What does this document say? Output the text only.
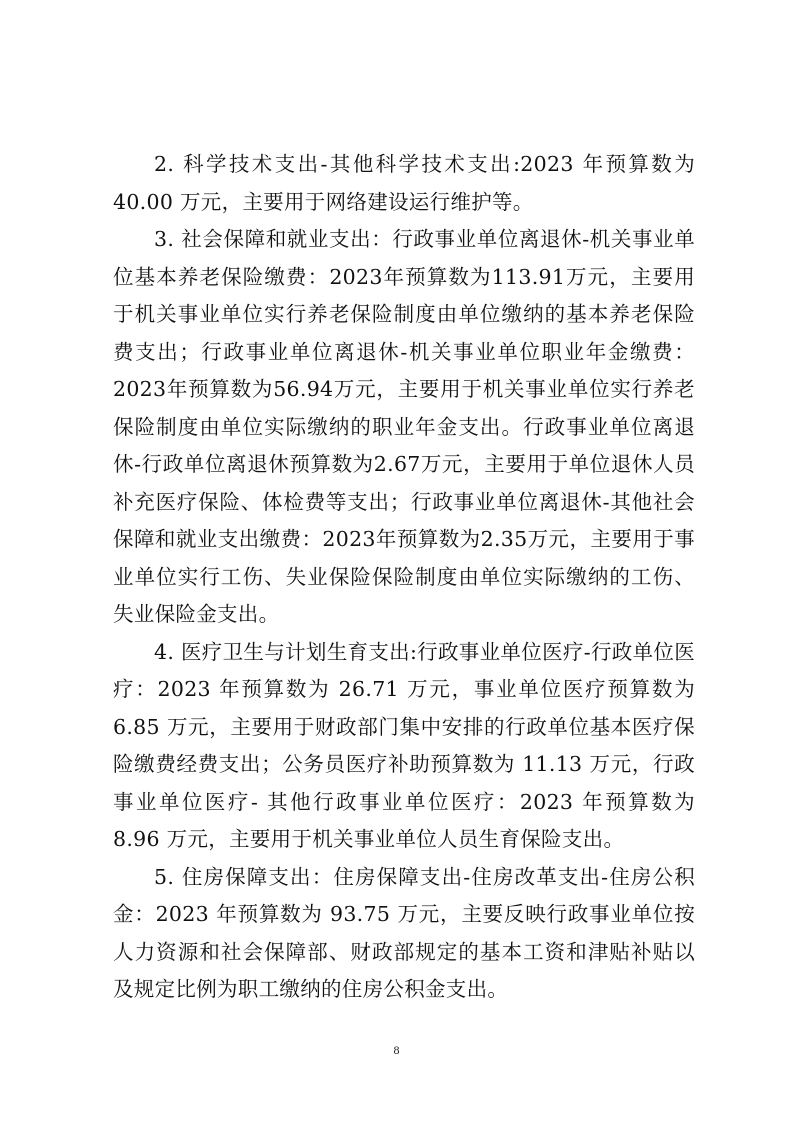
2. 科学技术支出-其他科学技术支出:2023 年预算数为 40.00 万元，主要用于网络建设运行维护等。

3. 社会保障和就业支出：行政事业单位离退休-机关事业单位基本养老保险缴费：2023年预算数为113.91万元，主要用于机关事业单位实行养老保险制度由单位缴纳的基本养老保险费支出；行政事业单位离退休-机关事业单位职业年金缴费：2023年预算数为56.94万元，主要用于机关事业单位实行养老保险制度由单位实际缴纳的职业年金支出。行政事业单位离退休-行政单位离退休预算数为2.67万元，主要用于单位退休人员补充医疗保险、体检费等支出；行政事业单位离退休-其他社会保障和就业支出缴费：2023年预算数为2.35万元，主要用于事业单位实行工伤、失业保险保险制度由单位实际缴纳的工伤、失业保险金支出。

4. 医疗卫生与计划生育支出:行政事业单位医疗-行政单位医疗：2023 年预算数为 26.71 万元，事业单位医疗预算数为 6.85 万元，主要用于财政部门集中安排的行政单位基本医疗保险缴费经费支出；公务员医疗补助预算数为 11.13 万元，行政事业单位医疗- 其他行政事业单位医疗：2023 年预算数为 8.96 万元，主要用于机关事业单位人员生育保险支出。

5. 住房保障支出：住房保障支出-住房改革支出-住房公积金：2023 年预算数为 93.75 万元，主要反映行政事业单位按人力资源和社会保障部、财政部规定的基本工资和津贴补贴以及规定比例为职工缴纳的住房公积金支出。

8
